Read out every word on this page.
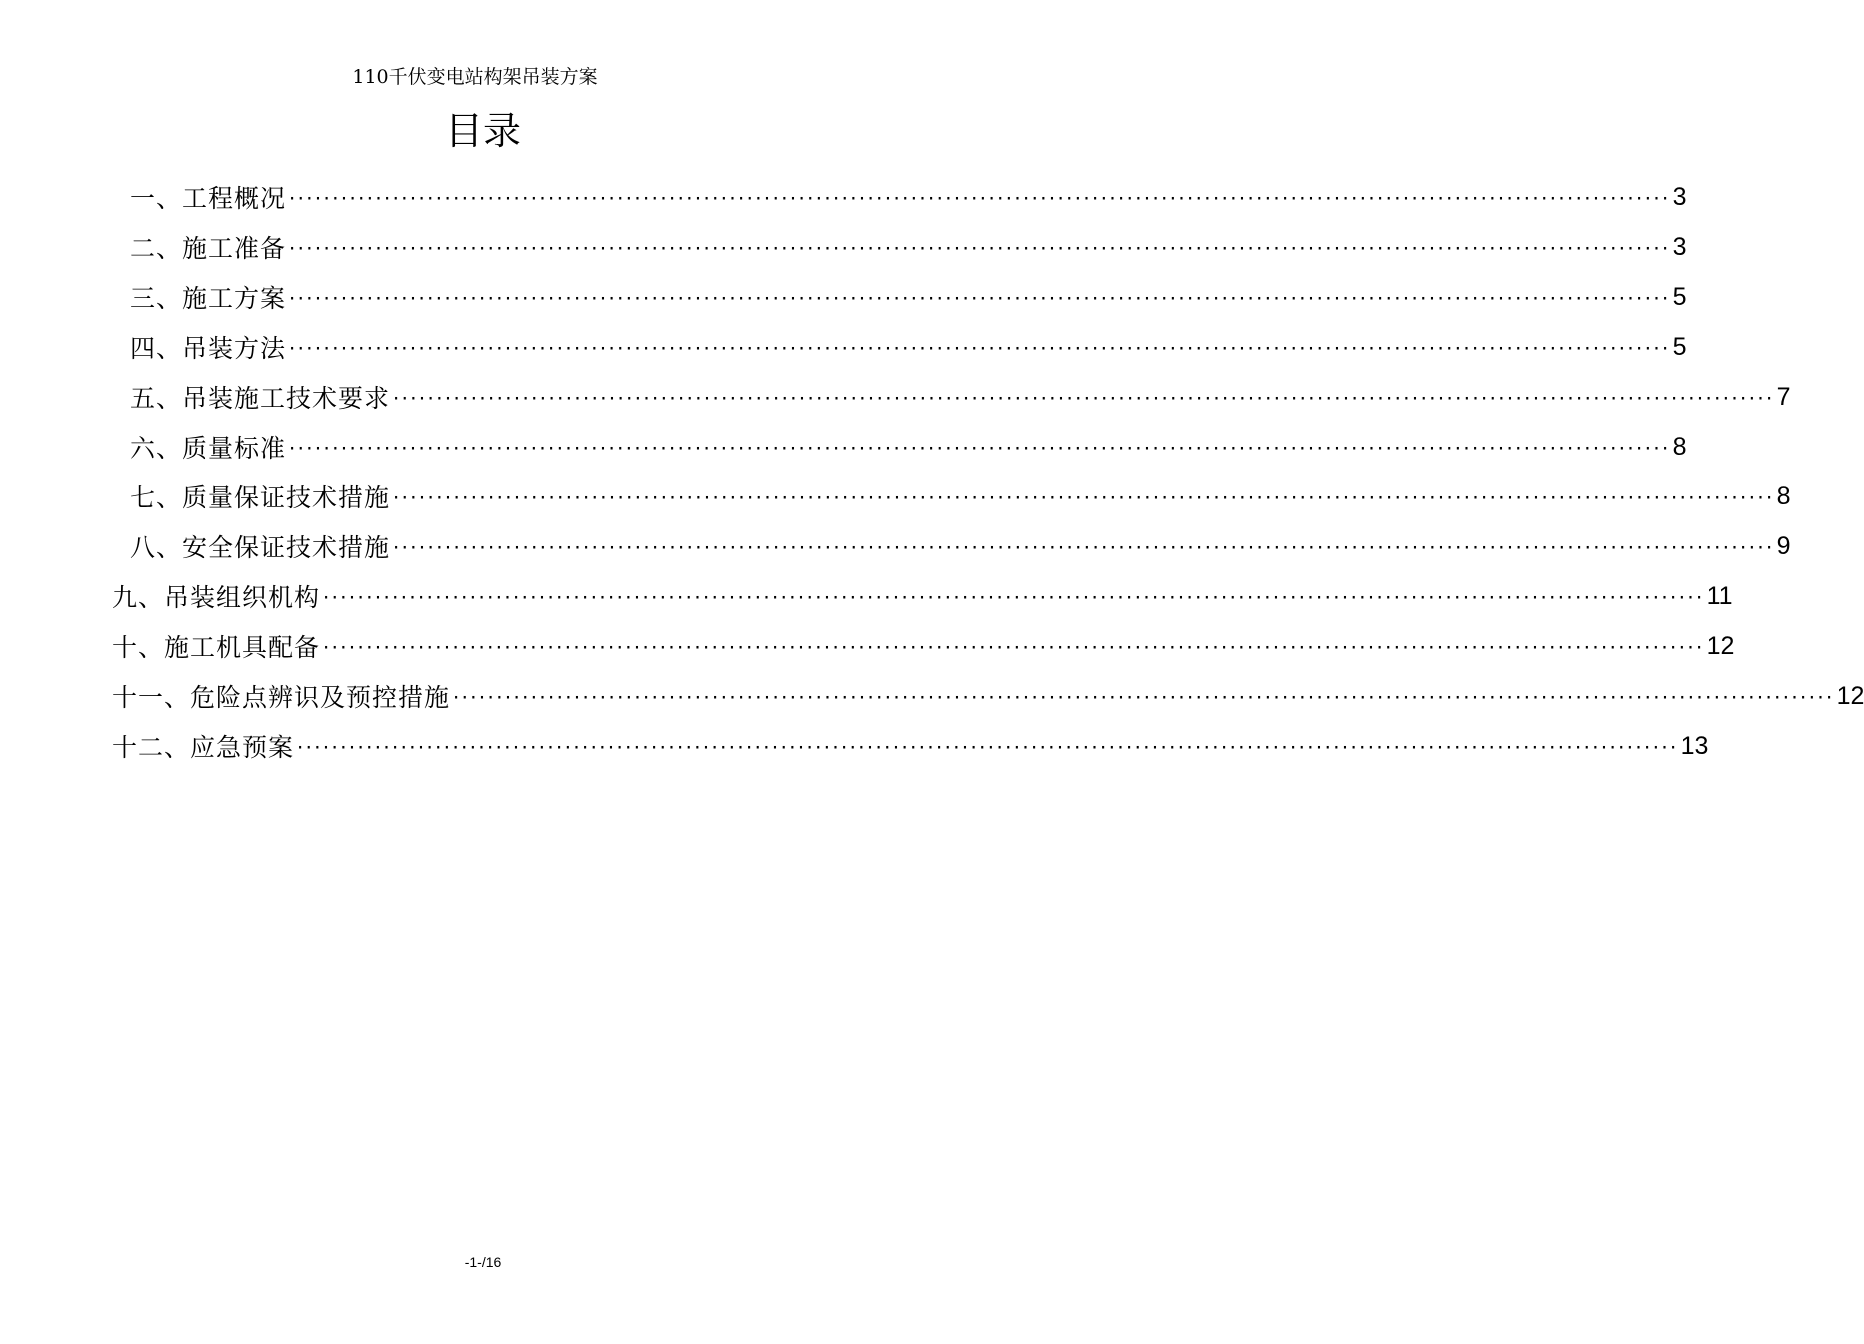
110千伏变电站构架吊装方案
目录
一、工程概况 ································································································································································ 3
二、施工准备 ································································································································································ 3
三、施工方案 ································································································································································ 5
四、吊装方法 ································································································································································ 5
五、吊装施工技术要求 ································································································································································ 7
六、质量标准 ································································································································································ 8
七、质量保证技术措施 ································································································································································ 8
八、安全保证技术措施 ································································································································································ 9
九、吊装组织机构 ································································································································································ 11
十、施工机具配备 ································································································································································ 12
十一、危险点辨识及预控措施 ································································································································································ 12
十二、应急预案 ································································································································································ 13
-1-/16
